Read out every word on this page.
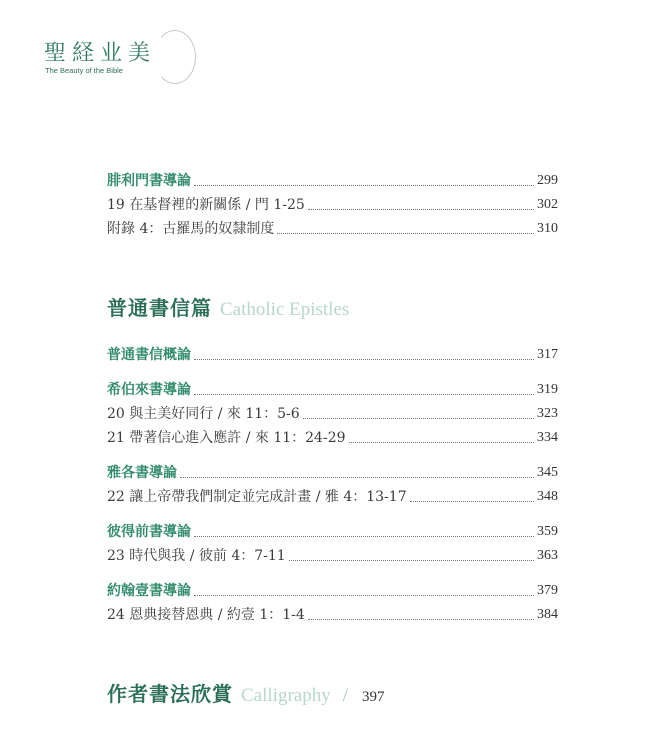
聖経业美
The Beauty of the Bible
腓利門書導論	299
19 在基督裡的新關係 / 門 1-25	302
附錄 4：古羅馬的奴隸制度	310
普通書信篇 Catholic Epistles
普通書信概論	317
希伯來書導論	319
20 與主美好同行 / 來 11：5-6	323
21 帶著信心進入應許 / 來 11：24-29	334
雅各書導論	345
22 讓上帝帶我們制定並完成計畫 / 雅 4：13-17	348
彼得前書導論	359
23 時代與我 / 彼前 4：7-11	363
約翰壹書導論	379
24 恩典接替恩典 / 約壹 1：1-4	384
作者書法欣賞 Calligraphy / 397
